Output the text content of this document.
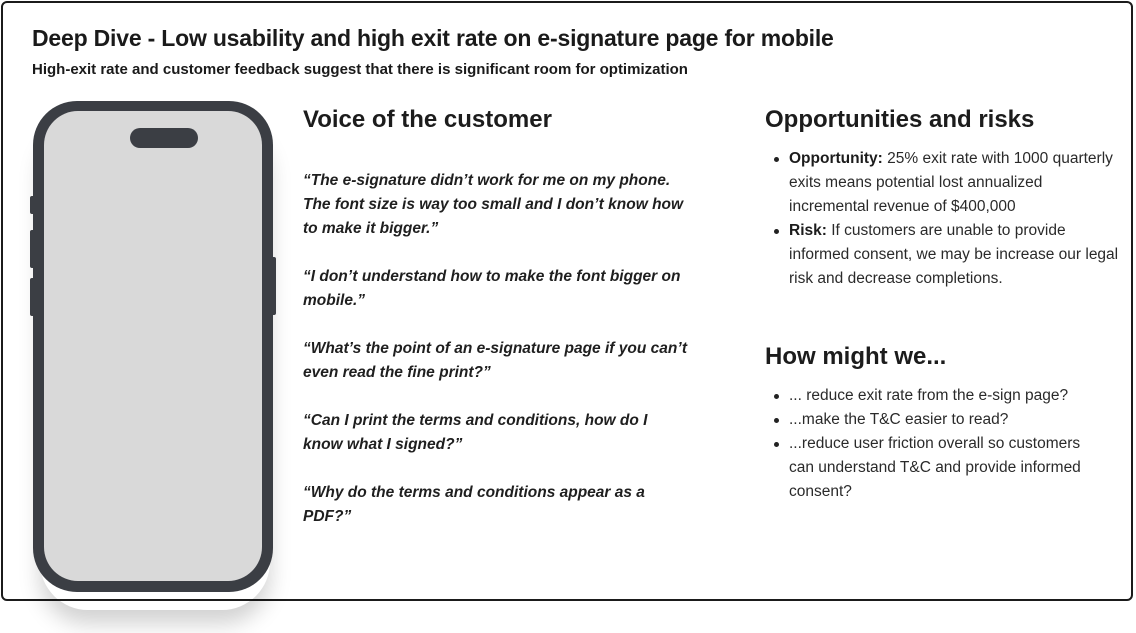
Deep Dive - Low usability and high exit rate on e-signature page for mobile

High-exit rate and customer feedback suggest that there is significant room for optimization

Voice of the customer

“The e-signature didn’t work for me on my phone. The font size is way too small and I don’t know how to make it bigger.”

“I don’t understand how to make the font bigger on mobile.”

“What’s the point of an e-signature page if you can’t even read the fine print?”

“Can I print the terms and conditions, how do I know what I signed?”

“Why do the terms and conditions appear as a PDF?”

Opportunities and risks
Opportunity: 25% exit rate with 1000 quarterly exits means potential lost annualized incremental revenue of $400,000
Risk: If customers are unable to provide informed consent, we may be increase our legal risk and decrease completions.
How might we...
... reduce exit rate from the e-sign page?
...make the T&C easier to read?
...reduce user friction overall so customers can understand T&C and provide informed consent?
